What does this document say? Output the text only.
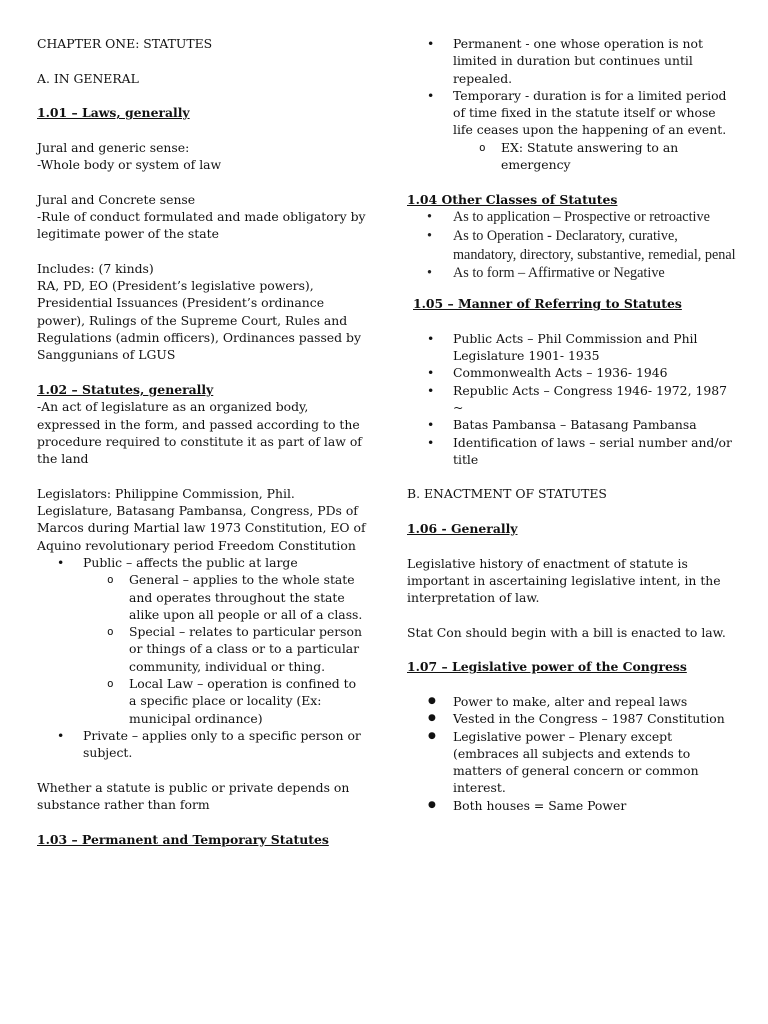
CHAPTER ONE: STATUTES

A. IN GENERAL

1.01 – Laws, generally

Jural and generic sense:

-Whole body or system of law

Jural and Concrete sense

-Rule of conduct formulated and made obligatory by legitimate power of the state

Includes: (7 kinds)

RA, PD, EO (President’s legislative powers), Presidential Issuances (President’s ordinance power), Rulings of the Supreme Court, Rules and Regulations (admin officers), Ordinances passed by Sanggunians of LGUS

1.02 – Statutes, generally

-An act of legislature as an organized body, expressed in the form, and passed according to the procedure required to constitute it as part of law of the land

Legislators: Philippine Commission, Phil. Legislature, Batasang Pambansa, Congress, PDs of Marcos during Martial law 1973 Constitution, EO of Aquino revolutionary period Freedom Constitution

• Public – affects the public at large
o General – applies to the whole state and operates throughout the state alike upon all people or all of a class.
o Special – relates to particular person or things of a class or to a particular community, individual or thing.
o Local Law – operation is confined to a specific place or locality (Ex: municipal ordinance)
• Private – applies only to a specific person or subject.

Whether a statute is public or private depends on substance rather than form

1.03 – Permanent and Temporary Statutes

• Permanent - one whose operation is not limited in duration but continues until repealed.
• Temporary - duration is for a limited period of time fixed in the statute itself or whose life ceases upon the happening of an event.
o EX: Statute answering to an emergency

1.04 Other Classes of Statutes

• As to application – Prospective or retroactive
• As to Operation - Declaratory, curative, mandatory, directory, substantive, remedial, penal
• As to form – Affirmative or Negative

1.05 – Manner of Referring to Statutes

• Public Acts – Phil Commission and Phil Legislature 1901- 1935
• Commonwealth Acts – 1936- 1946
• Republic Acts – Congress 1946- 1972, 1987 ~
• Batas Pambansa – Batasang Pambansa
• Identification of laws – serial number and/or title

B. ENACTMENT OF STATUTES

1.06 - Generally

Legislative history of enactment of statute is important in ascertaining legislative intent, in the interpretation of law.

Stat Con should begin with a bill is enacted to law.

1.07 – Legislative power of the Congress

● Power to make, alter and repeal laws
● Vested in the Congress – 1987 Constitution
● Legislative power – Plenary except (embraces all subjects and extends to matters of general concern or common interest.
● Both houses = Same Power
